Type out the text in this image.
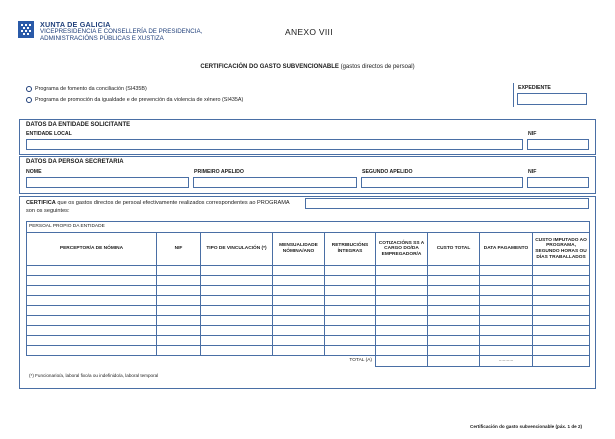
XUNTA DE GALICIA
VICEPRESIDENCIA E CONSELLERÍA DE PRESIDENCIA,
ADMINISTRACIÓNS PÚBLICAS E XUSTIZA
ANEXO VIII
CERTIFICACIÓN DO GASTO SUBVENCIONABLE (gastos directos de persoal)
Programa de fomento da conciliación (SI435B)
Programa de promoción da igualdade e de prevención da violencia de xénero (SI435A)
EXPEDIENTE
DATOS DA ENTIDADE SOLICITANTE
ENTIDADE LOCAL	NIF
DATOS DA PERSOA SECRETARIA
NOME	PRIMEIRO APELIDO	SEGUNDO APELIDO	NIF
CERTIFICA que os gastos directos de persoal efectivamente realizados correspondentes ao PROGRAMA
son os seguintes:
PERSOAL PROPIO DA ENTIDADE								
PERCEPTOR/A DE NÓMINA	NIF	TIPO DE VINCULACIÓN (*)	MENSUALIDADE NÓMINA/ANO	RETRIBUCIÓNS ÍNTEGRAS	COTIZACIÓNS SS A CARGO DO/DA EMPREGADOR/A	CUSTO TOTAL	DATA PAGAMENTO	CUSTO IMPUTADO AO PROGRAMA, SEGUNDO HORAS OU DÍAS TRABALLADOS

TOTAL (A)							...........	
(*) Funcionario/a, laboral fixo/a ou indefinido/a, laboral temporal
Certificación do gasto subvencionable (páx. 1 de 2)
